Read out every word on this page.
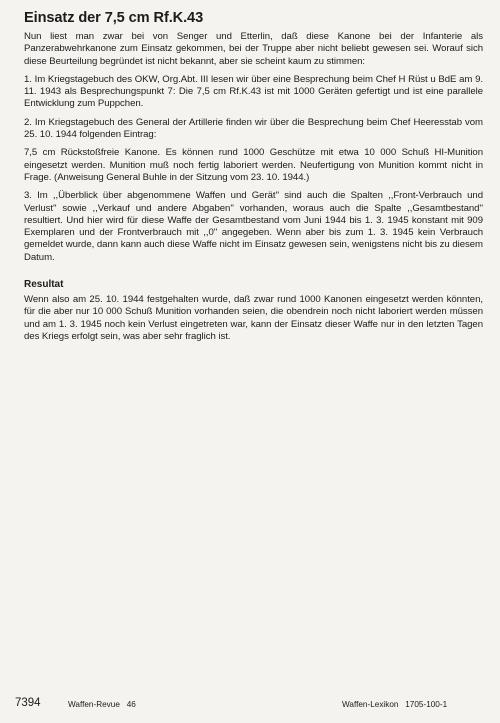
Einsatz der 7,5 cm Rf.K.43

Nun liest man zwar bei von Senger und Etterlin, daß diese Kanone bei der Infanterie als Panzerabwehrkanone zum Einsatz gekommen, bei der Truppe aber nicht beliebt gewesen sei. Worauf sich diese Beurteilung begründet ist nicht bekannt, aber sie scheint kaum zu stimmen:

1. Im Kriegstagebuch des OKW, Org.Abt. III lesen wir über eine Besprechung beim Chef H Rüst u BdE am 9. 11. 1943 als Besprechungspunkt 7: Die 7,5 cm Rf.K.43 ist mit 1000 Geräten gefertigt und ist eine parallele Entwicklung zum Puppchen.

2. Im Kriegstagebuch des General der Artillerie finden wir über die Besprechung beim Chef Heeresstab vom 25. 10. 1944 folgenden Eintrag:

7,5 cm Rückstoßfreie Kanone. Es können rund 1000 Geschütze mit etwa 10 000 Schuß HI-Munition eingesetzt werden. Munition muß noch fertig laboriert werden. Neufertigung von Munition kommt nicht in Frage. (Anweisung General Buhle in der Sitzung vom 23. 10. 1944.)

3. Im ,,Überblick über abgenommene Waffen und Gerät'' sind auch die Spalten ,,Front-Verbrauch und Verlust'' sowie ,,Verkauf und andere Abgaben'' vorhanden, woraus auch die Spalte ,,Gesamtbestand'' resultiert. Und hier wird für diese Waffe der Gesamtbestand vom Juni 1944 bis 1. 3. 1945 konstant mit 909 Exemplaren und der Frontverbrauch mit ,,0'' angegeben. Wenn aber bis zum 1. 3. 1945 kein Verbrauch gemeldet wurde, dann kann auch diese Waffe nicht im Einsatz gewesen sein, wenigstens nicht bis zu diesem Datum.

Resultat

Wenn also am 25. 10. 1944 festgehalten wurde, daß zwar rund 1000 Kanonen eingesetzt werden könnten, für die aber nur 10 000 Schuß Munition vorhanden seien, die obendrein noch nicht laboriert werden müssen und am 1. 3. 1945 noch kein Verlust eingetreten war, kann der Einsatz dieser Waffe nur in den letzten Tagen des Kriegs erfolgt sein, was aber sehr fraglich ist.

7394	Waffen-Revue   46	Waffen-Lexikon   1705-100-1
